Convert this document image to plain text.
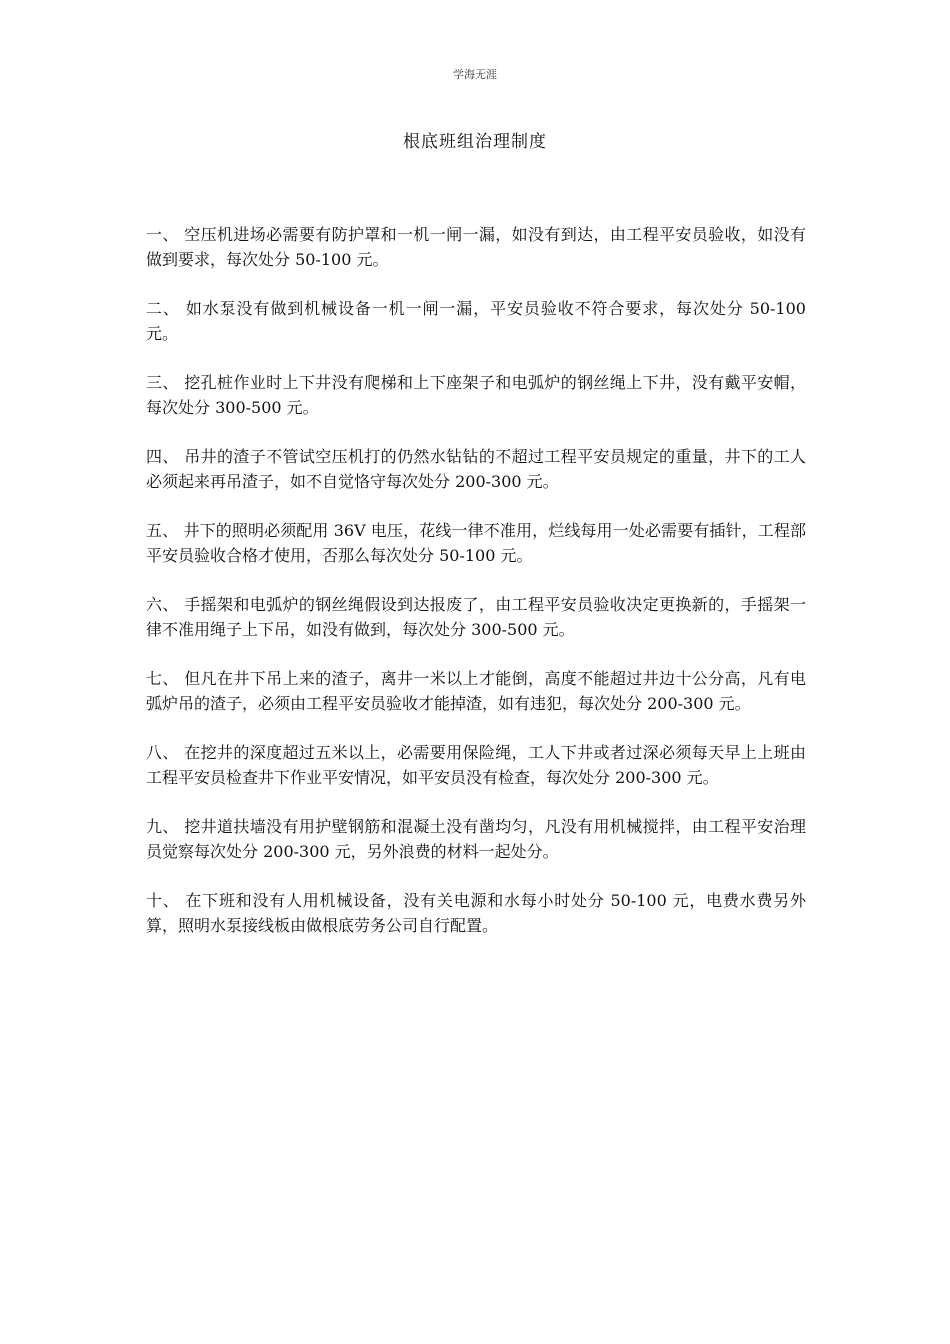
学海无涯
根底班组治理制度
一、 空压机进场必需要有防护罩和一机一闸一漏，如没有到达，由工程平安员验收，如没有做到要求，每次处分 50-100 元。
二、 如水泵没有做到机械设备一机一闸一漏，平安员验收不符合要求，每次处分 50-100 元。
三、 挖孔桩作业时上下井没有爬梯和上下座架子和电弧炉的钢丝绳上下井，没有戴平安帽，每次处分 300-500 元。
四、 吊井的渣子不管试空压机打的仍然水钻钻的不超过工程平安员规定的重量，井下的工人必须起来再吊渣子，如不自觉恪守每次处分 200-300 元。
五、 井下的照明必须配用 36V 电压，花线一律不准用，烂线每用一处必需要有插针，工程部平安员验收合格才使用，否那么每次处分 50-100 元。
六、 手摇架和电弧炉的钢丝绳假设到达报废了，由工程平安员验收决定更换新的，手摇架一律不准用绳子上下吊，如没有做到，每次处分 300-500 元。
七、 但凡在井下吊上来的渣子，离井一米以上才能倒，高度不能超过井边十公分高，凡有电弧炉吊的渣子，必须由工程平安员验收才能掉渣，如有违犯，每次处分 200-300 元。
八、 在挖井的深度超过五米以上，必需要用保险绳，工人下井或者过深必须每天早上上班由工程平安员检查井下作业平安情况，如平安员没有检查，每次处分 200-300 元。
九、 挖井道扶墙没有用护壁钢筋和混凝土没有凿均匀，凡没有用机械搅拌，由工程平安治理员觉察每次处分 200-300 元，另外浪费的材料一起处分。
十、 在下班和没有人用机械设备，没有关电源和水每小时处分 50-100 元，电费水费另外算，照明水泵接线板由做根底劳务公司自行配置。
